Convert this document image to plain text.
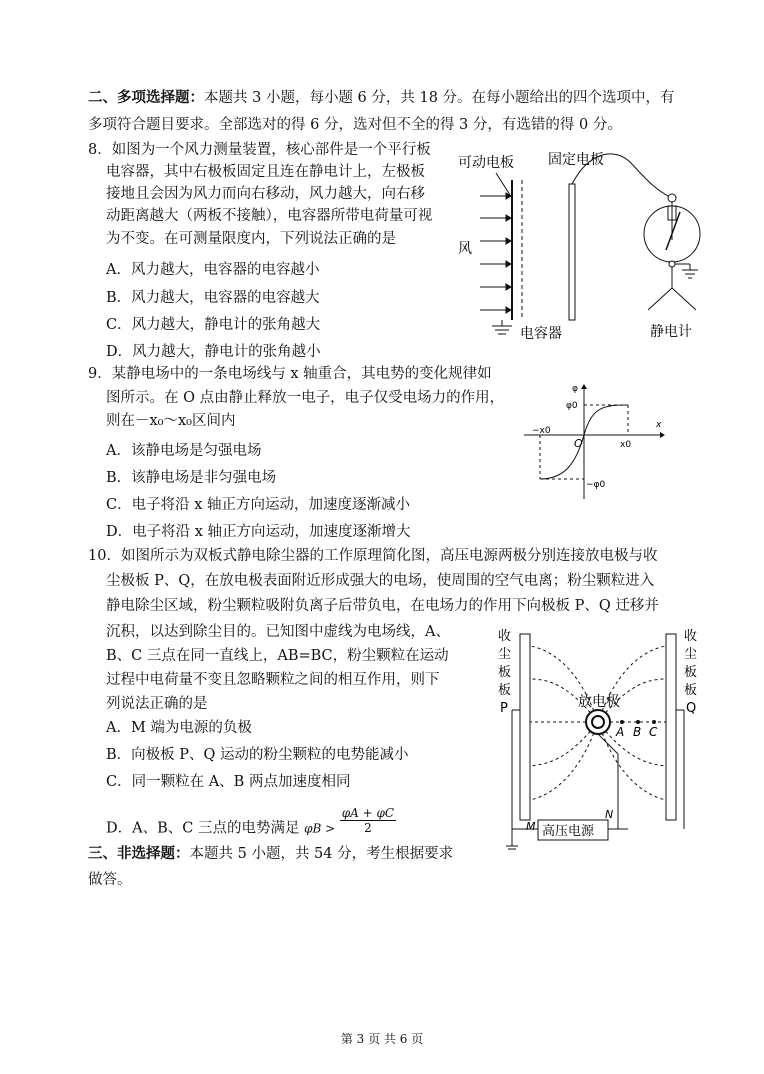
二、多项选择题：本题共 3 小题，每小题 6 分，共 18 分。在每小题给出的四个选项中，有
多项符合题目要求。全部选对的得 6 分，选对但不全的得 3 分，有选错的得 0 分。
8．如图为一个风力测量装置，核心部件是一个平行板
电容器，其中右极板固定且连在静电计上，左极板
接地且会因为风力而向右移动，风力越大，向右移
动距离越大（两板不接触），电容器所带电荷量可视
为不变。在可测量限度内，下列说法正确的是
A．风力越大，电容器的电容越小
B．风力越大，电容器的电容越大
C．风力越大，静电计的张角越大
D．风力越大，静电计的张角越小
可动电板 固定电板
风
电容器	静电计
9．某静电场中的一条电场线与 x 轴重合，其电势的变化规律如
图所示。在 O 点由静止释放一电子，电子仅受电场力的作用，
则在－x₀～x₀区间内
A．该静电场是匀强电场
B．该静电场是非匀强电场
C．电子将沿 x 轴正方向运动，加速度逐渐减小
D．电子将沿 x 轴正方向运动，加速度逐渐增大
φ
φ0
−φ0
O	x0
−x0
x
10．如图所示为双板式静电除尘器的工作原理简化图，高压电源两极分别连接放电极与收
尘极板 P、Q，在放电极表面附近形成强大的电场，使周围的空气电离；粉尘颗粒进入
静电除尘区域，粉尘颗粒吸附负离子后带负电，在电场力的作用下向极板 P、Q 迁移并
沉积，以达到除尘目的。已知图中虚线为电场线，A、
B、C 三点在同一直线上，AB=BC，粉尘颗粒在运动
过程中电荷量不变且忽略颗粒之间的相互作用，则下
列说法正确的是
A．M 端为电源的负极
B．向极板 P、Q 运动的粉尘颗粒的电势能减小
C．同一颗粒在 A、B 两点加速度相同
D．A、B、C 三点的电势满足 $\varphi B > \frac{\varphi A + \varphi C}{2}$
收
尘
板
板
P
收
尘
板
板
Q
放电极
A B C
高压电源
M
N
三、非选择题：本题共 5 小题，共 54 分，考生根据要求
做答。
第 3 页 共 6 页
